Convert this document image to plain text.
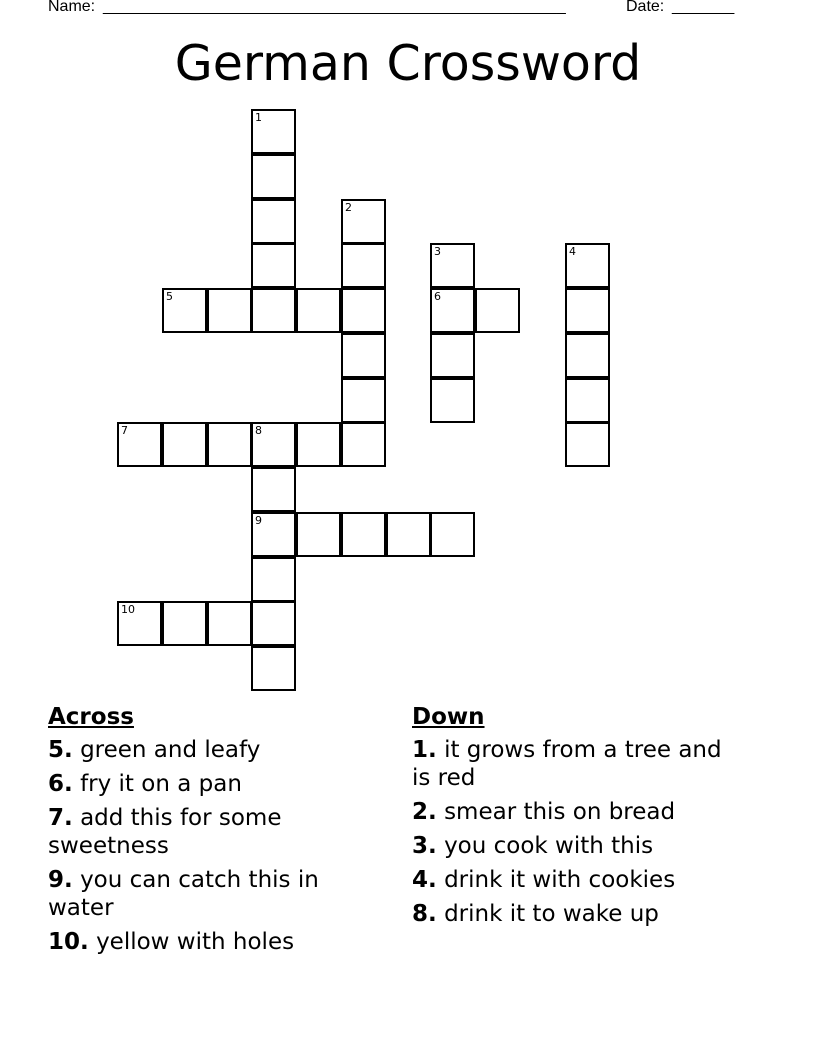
Name:

____________________________________________________

	Date:

_______

German Crossword
1
2
3
6
4
5
7	8
9
10
Across
5. green and leafy
6. fry it on a pan
7. add this for some sweetness
9. you can catch this in water
10. yellow with holes
Down
1. it grows from a tree and is red
2. smear this on bread
3. you cook with this
4. drink it with cookies
8. drink it to wake up
